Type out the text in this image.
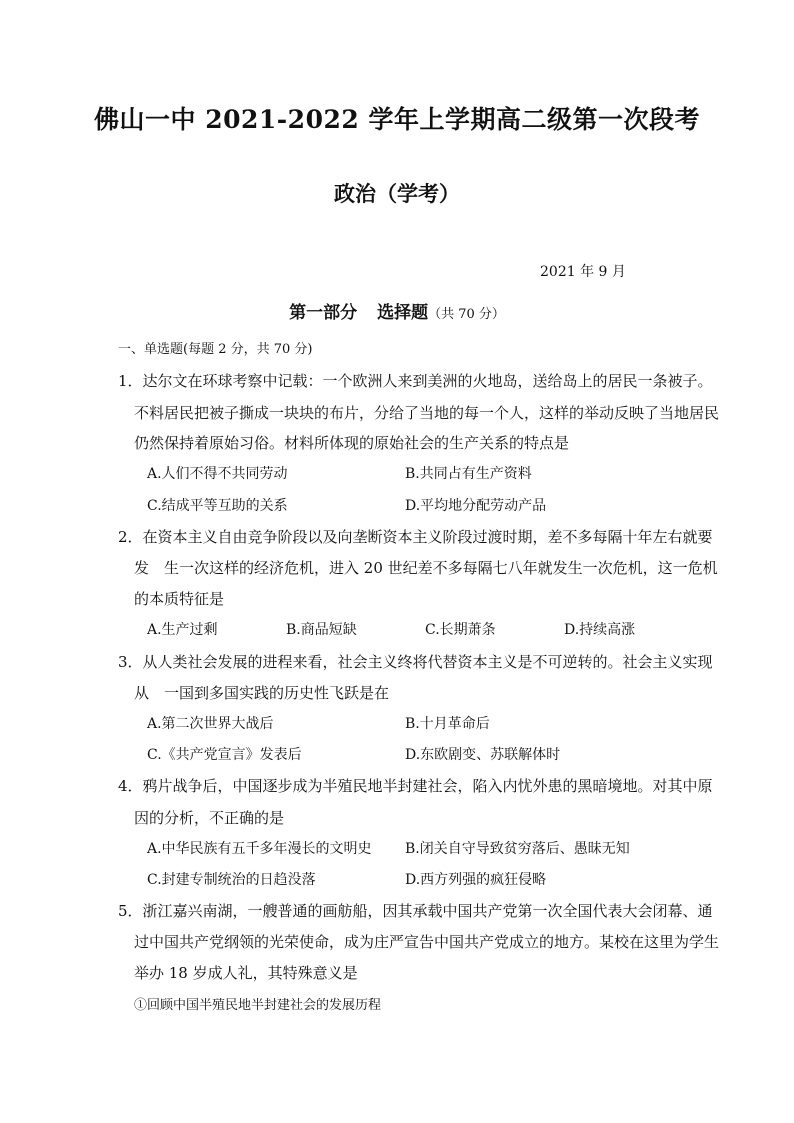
佛山一中 2021-2022 学年上学期高二级第一次段考
政治（学考）
2021 年 9 月
第一部分 选择题（共 70 分）
一、单选题(每题 2 分，共 70 分)
1．达尔文在环球考察中记载：一个欧洲人来到美洲的火地岛，送给岛上的居民一条被子。
不料居民把被子撕成一块块的布片，分给了当地的每一个人，这样的举动反映了当地居民
仍然保持着原始习俗。材料所体现的原始社会的生产关系的特点是
A.人们不得不共同劳动	B.共同占有生产资料
C.结成平等互助的关系	D.平均地分配劳动产品
2．在资本主义自由竞争阶段以及向垄断资本主义阶段过渡时期，差不多每隔十年左右就要
发　生一次这样的经济危机，进入 20 世纪差不多每隔七八年就发生一次危机，这一危机
的本质特征是
A.生产过剩	B.商品短缺	C.长期萧条	D.持续高涨
3．从人类社会发展的进程来看，社会主义终将代替资本主义是不可逆转的。社会主义实现
从　一国到多国实践的历史性飞跃是在
A.第二次世界大战后	B.十月革命后
C.《共产党宣言》发表后	D.东欧剧变、苏联解体时
4．鸦片战争后，中国逐步成为半殖民地半封建社会，陷入内忧外患的黑暗境地。对其中原
因的分析，不正确的是
A.中华民族有五千多年漫长的文明史 B.闭关自守导致贫穷落后、愚昧无知
C.封建专制统治的日趋没落	D.西方列强的疯狂侵略
5．浙江嘉兴南湖，一艘普通的画舫船，因其承载中国共产党第一次全国代表大会闭幕、通
过中国共产党纲领的光荣使命，成为庄严宣告中国共产党成立的地方。某校在这里为学生
举办 18 岁成人礼，其特殊意义是
①回顾中国半殖民地半封建社会的发展历程
